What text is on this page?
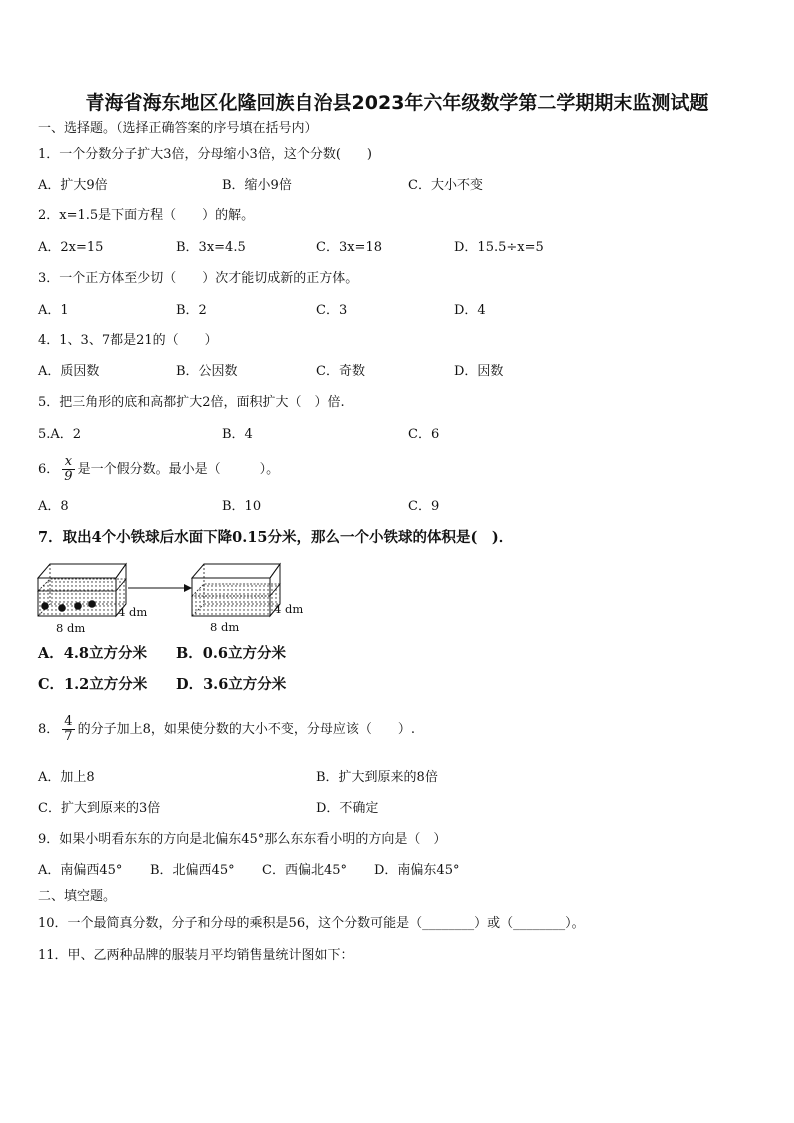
青海省海东地区化隆回族自治县2023年六年级数学第二学期期末监测试题
一、选择题。（选择正确答案的序号填在括号内）
1．一个分数分子扩大3倍，分母缩小3倍，这个分数(　　)
A．扩大9倍	B．缩小9倍	C．大小不变
2．x=1.5是下面方程（　　）的解。
A．2x=15	B．3x=4.5	C．3x=18	D．15.5÷x=5
3．一个正方体至少切（　　）次才能切成新的正方体。
A．1	B．2	C．3	D．4
4．1、3、7都是21的（　　）
A．质因数	B．公因数	C．奇数	D．因数
5．把三角形的底和高都扩大2倍，面积扩大（　）倍.
5.A．2	B．4	C．6
6． $\frac{x}{9}$ 是一个假分数。最小是（　　　）。
A．8	B．10	C．9
7．取出4个小铁球后水面下降0.15分米，那么一个小铁球的体积是(　)．
4 dm
8 dm
4 dm
8 dm
A．4.8立方分米 B．0.6立方分米
C．1.2立方分米 D．3.6立方分米
8． $\frac{4}{7}$ 的分子加上8，如果使分数的大小不变，分母应该（　　）.
A．加上8	B．扩大到原来的8倍
C．扩大到原来的3倍	D．不确定
9．如果小明看东东的方向是北偏东45°那么东东看小明的方向是（　）
A．南偏西45° B．北偏西45° C．西偏北45° D．南偏东45°
二、填空题。
10．一个最简真分数，分子和分母的乘积是56，这个分数可能是（________）或（________）。
11．甲、乙两种品牌的服装月平均销售量统计图如下：
